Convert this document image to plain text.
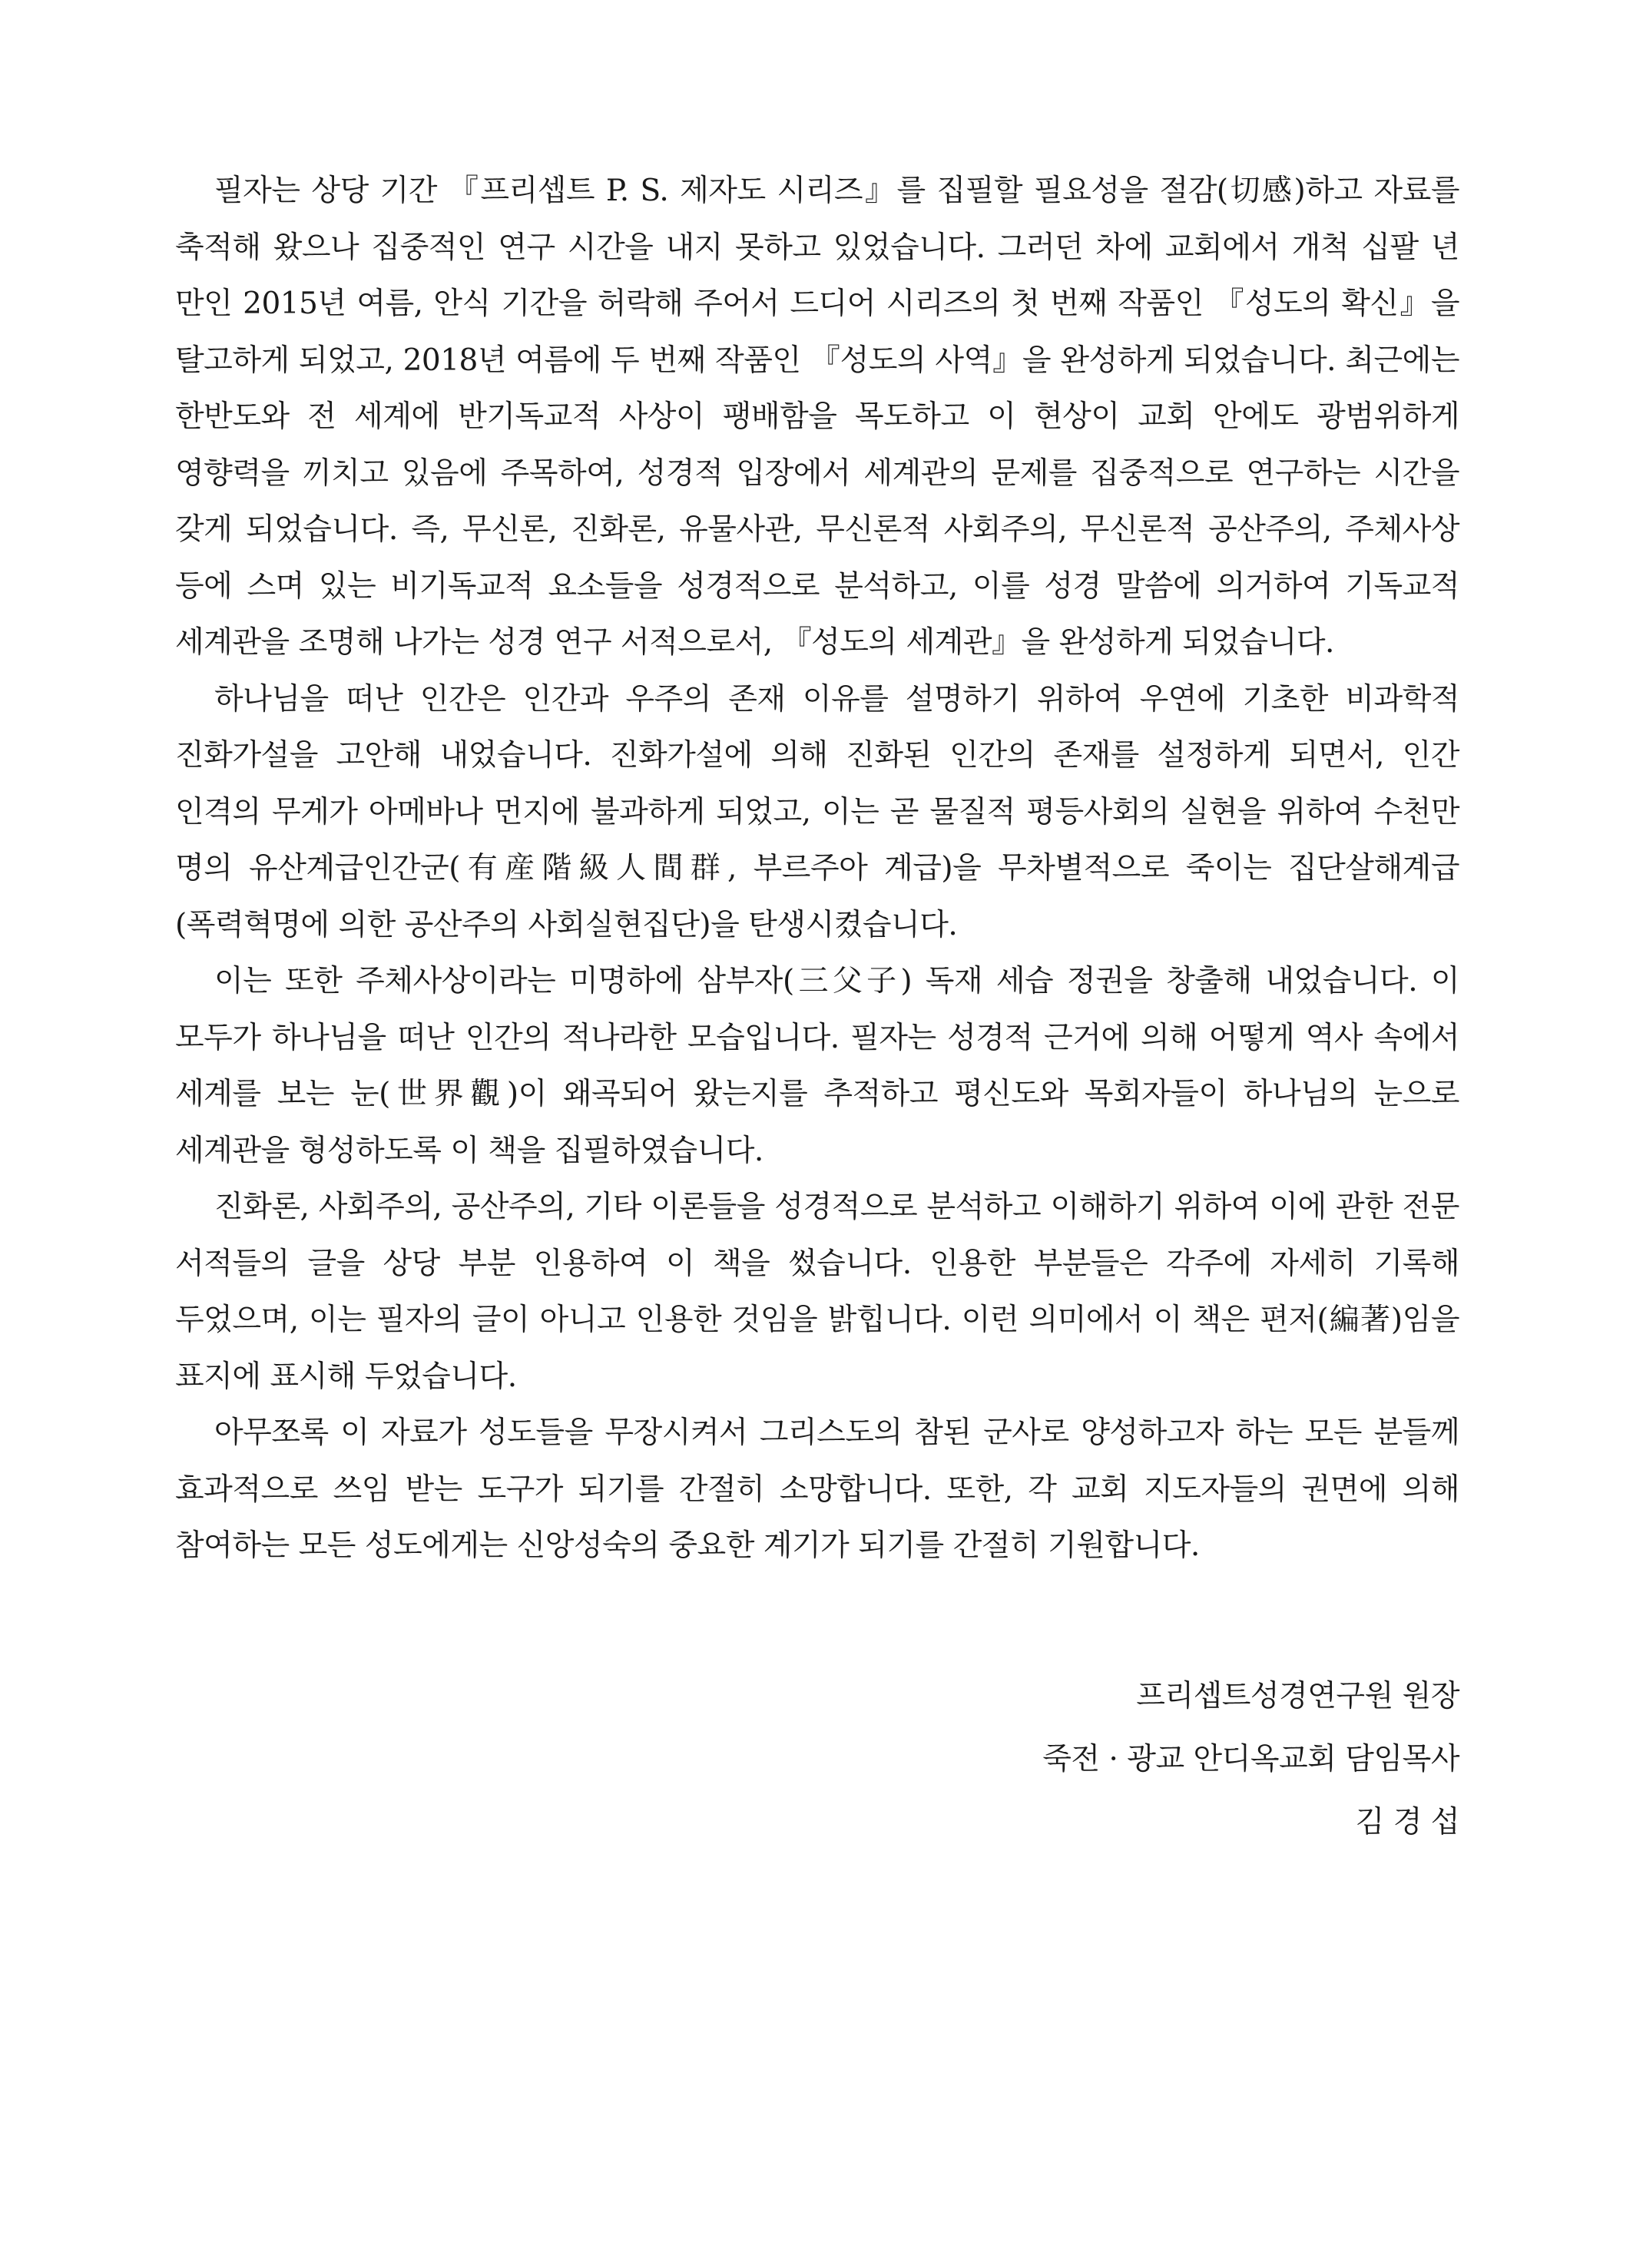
필자는 상당 기간 『프리셉트 P. S. 제자도 시리즈』를 집필할 필요성을 절감(切感)하고 자료를 축적해 왔으나 집중적인 연구 시간을 내지 못하고 있었습니다. 그러던 차에 교회에서 개척 십팔 년 만인 2015년 여름, 안식 기간을 허락해 주어서 드디어 시리즈의 첫 번째 작품인 『성도의 확신』을 탈고하게 되었고, 2018년 여름에 두 번째 작품인 『성도의 사역』을 완성하게 되었습니다. 최근에는 한반도와 전 세계에 반기독교적 사상이 팽배함을 목도하고 이 현상이 교회 안에도 광범위하게 영향력을 끼치고 있음에 주목하여, 성경적 입장에서 세계관의 문제를 집중적으로 연구하는 시간을 갖게 되었습니다. 즉, 무신론, 진화론, 유물사관, 무신론적 사회주의, 무신론적 공산주의, 주체사상 등에 스며 있는 비기독교적 요소들을 성경적으로 분석하고, 이를 성경 말씀에 의거하여 기독교적 세계관을 조명해 나가는 성경 연구 서적으로서, 『성도의 세계관』을 완성하게 되었습니다.

하나님을 떠난 인간은 인간과 우주의 존재 이유를 설명하기 위하여 우연에 기초한 비과학적 진화가설을 고안해 내었습니다. 진화가설에 의해 진화된 인간의 존재를 설정하게 되면서, 인간 인격의 무게가 아메바나 먼지에 불과하게 되었고, 이는 곧 물질적 평등사회의 실현을 위하여 수천만 명의 유산계급인간군(有産階級人間群, 부르주아 계급)을 무차별적으로 죽이는 집단살해계급(폭력혁명에 의한 공산주의 사회실현집단)을 탄생시켰습니다.

이는 또한 주체사상이라는 미명하에 삼부자(三父子) 독재 세습 정권을 창출해 내었습니다. 이 모두가 하나님을 떠난 인간의 적나라한 모습입니다. 필자는 성경적 근거에 의해 어떻게 역사 속에서 세계를 보는 눈(世界觀)이 왜곡되어 왔는지를 추적하고 평신도와 목회자들이 하나님의 눈으로 세계관을 형성하도록 이 책을 집필하였습니다.

진화론, 사회주의, 공산주의, 기타 이론들을 성경적으로 분석하고 이해하기 위하여 이에 관한 전문 서적들의 글을 상당 부분 인용하여 이 책을 썼습니다. 인용한 부분들은 각주에 자세히 기록해 두었으며, 이는 필자의 글이 아니고 인용한 것임을 밝힙니다. 이런 의미에서 이 책은 편저(編著)임을 표지에 표시해 두었습니다.

아무쪼록 이 자료가 성도들을 무장시켜서 그리스도의 참된 군사로 양성하고자 하는 모든 분들께 효과적으로 쓰임 받는 도구가 되기를 간절히 소망합니다. 또한, 각 교회 지도자들의 권면에 의해 참여하는 모든 성도에게는 신앙성숙의 중요한 계기가 되기를 간절히 기원합니다.

프리셉트성경연구원 원장
죽전 · 광교 안디옥교회 담임목사
김 경 섭
